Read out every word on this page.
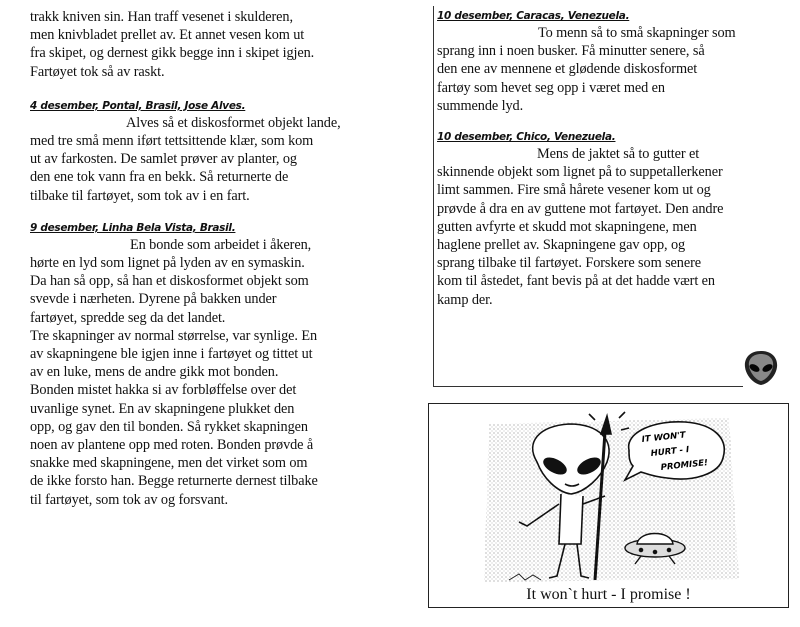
trakk kniven sin. Han traff vesenet i skulderen,
men knivbladet prellet av. Et annet vesen kom ut
fra skipet, og dernest gikk begge inn i skipet igjen.
Fartøyet tok så av raskt.

4 desember, Pontal, Brasil, Jose Alves.

Alves så et diskosformet objekt lande,
med tre små menn iført tettsittende klær, som kom
ut av farkosten. De samlet prøver av planter, og
den ene tok vann fra en bekk. Så returnerte de
tilbake til fartøyet, som tok av i en fart.

9 desember, Linha Bela Vista, Brasil.

En bonde som arbeidet i åkeren,
hørte en lyd som lignet på lyden av en symaskin.
Da han så opp, så han et diskosformet objekt som
svevde i nærheten. Dyrene på bakken under
fartøyet, spredde seg da det landet.
Tre skapninger av normal størrelse, var synlige. En
av skapningene ble igjen inne i fartøyet og tittet ut
av en luke, mens de andre gikk mot bonden.
Bonden mistet hakka si av forbløffelse over det
uvanlige synet. En av skapningene plukket den
opp, og gav den til bonden. Så rykket skapningen
noen av plantene opp med roten. Bonden prøvde å
snakke med skapningene, men det virket som om
de ikke forsto han. Begge returnerte dernest tilbake
til fartøyet, som tok av og forsvant.

10 desember, Caracas, Venezuela.

To menn så to små skapninger som
sprang inn i noen busker. Få minutter senere, så
den ene av mennene et glødende diskosformet
fartøy som hevet seg opp i været med en
summende lyd.

10 desember, Chico, Venezuela.

Mens de jaktet så to gutter et
skinnende objekt som lignet på to suppetallerkener
limt sammen. Fire små hårete vesener kom ut og
prøvde å dra en av guttene mot fartøyet. Den andre
gutten avfyrte et skudd mot skapningene, men
haglene prellet av. Skapningene gav opp, og
sprang tilbake til fartøyet. Forskere som senere
kom til åstedet, fant bevis på at det hadde vært en
kamp der.

IT WON'T
HURT - I
PROMISE!
It won`t hurt - I promise !
